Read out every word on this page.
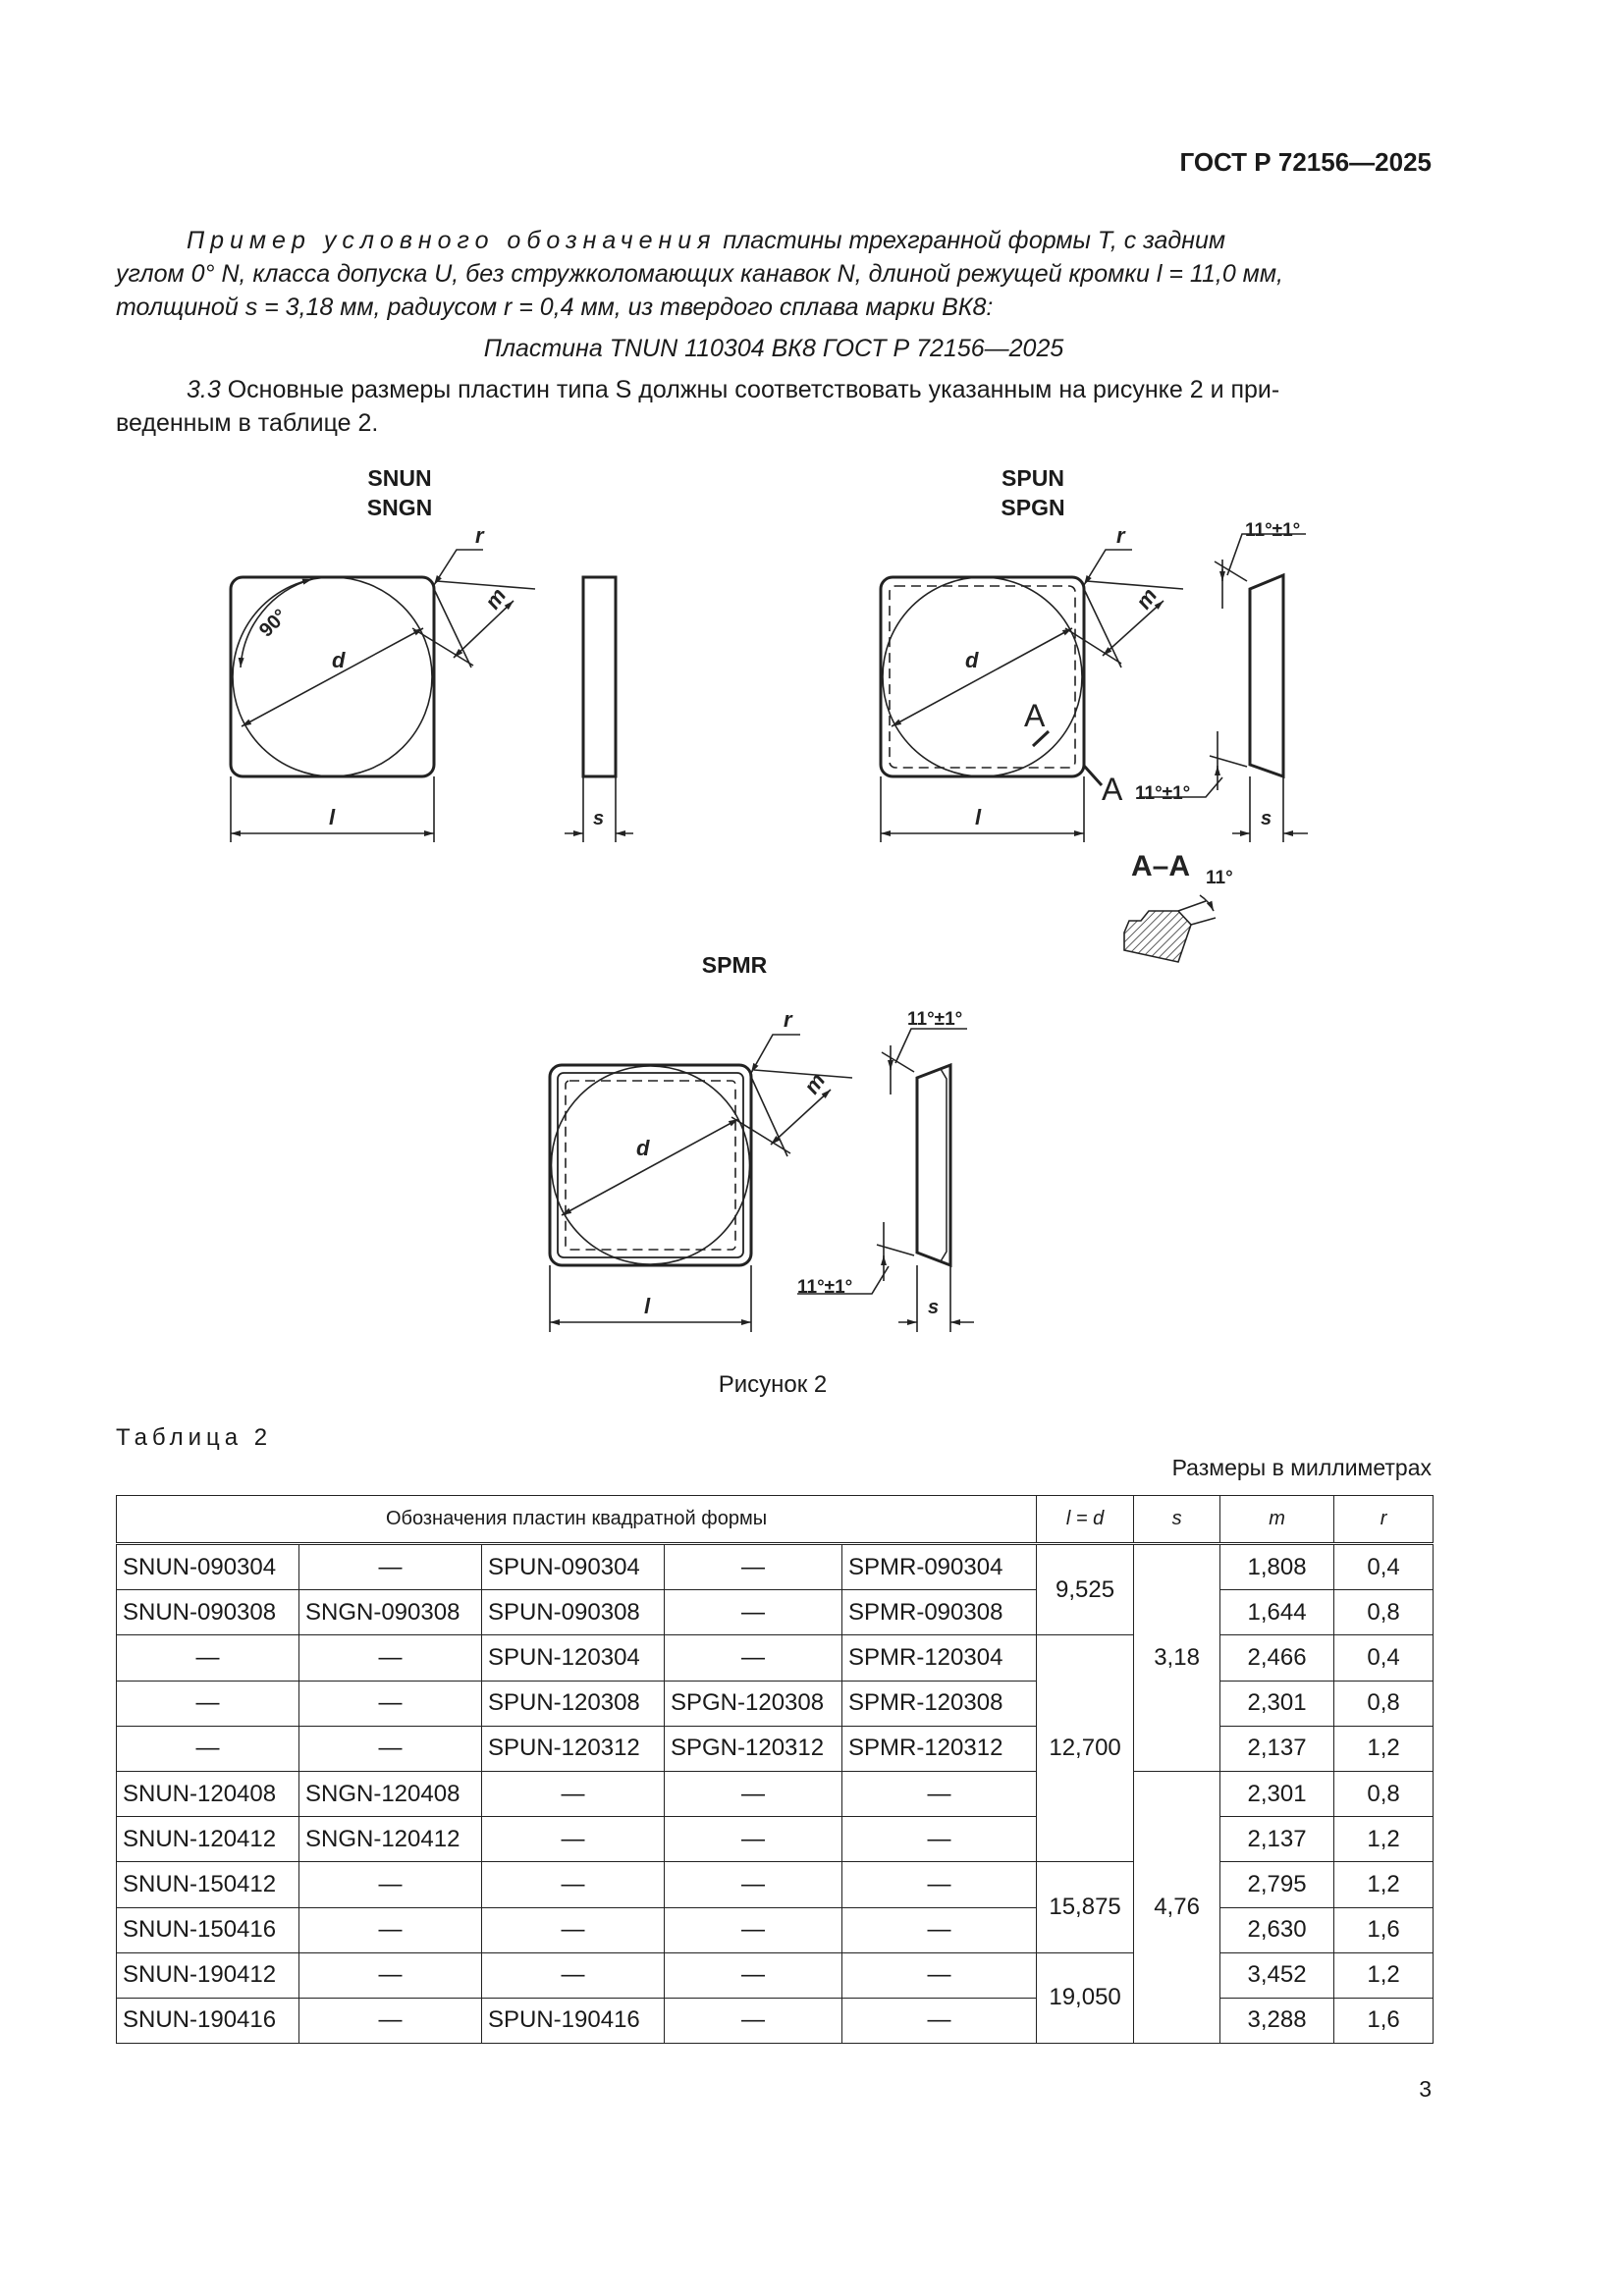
ГОСТ Р 72156—2025
Пример условного обозначения пластины трехгранной формы T, с задним
углом 0° N, класса допуска U, без стружколомающих канавок N, длиной режущей кромки l = 11,0 мм,
толщиной s = 3,18 мм, радиусом r = 0,4 мм, из твердого сплава марки ВК8:
Пластина TNUN 110304 ВК8 ГОСТ Р 72156—2025
3.3 Основные размеры пластин типа S должны соответствовать указанным на рисунке 2 и при-
веденным в таблице 2.
SNUN
SNGN
SPUN
SPGN
SPMR
d
r
m
l	s
90°
d
r
m
l	s
A
A
11°±1°
11°±1°
A–A 11°
d
r
m
l	s
11°±1°
11°±1°
Рисунок 2
Таблица 2
Размеры в миллиметрах
Обозначения пластин квадратной формы					l = d	s	m	r
SNUN-090304	—	SPUN-090304	—	SPMR-090304	9,525	3,18	1,808	0,4
SNUN-090308	SNGN-090308	SPUN-090308	—	SPMR-090308			1,644	0,8
—	—	SPUN-120304	—	SPMR-120304	12,700		2,466	0,4
—	—	SPUN-120308	SPGN-120308	SPMR-120308			2,301	0,8
—	—	SPUN-120312	SPGN-120312	SPMR-120312			2,137	1,2
SNUN-120408	SNGN-120408	—	—	—		4,76	2,301	0,8
SNUN-120412	SNGN-120412	—	—	—			2,137	1,2
SNUN-150412	—	—	—	—	15,875		2,795	1,2
SNUN-150416	—	—	—	—			2,630	1,6
SNUN-190412	—	—	—	—	19,050		3,452	1,2
SNUN-190416	—	SPUN-190416	—	—			3,288	1,6
3
